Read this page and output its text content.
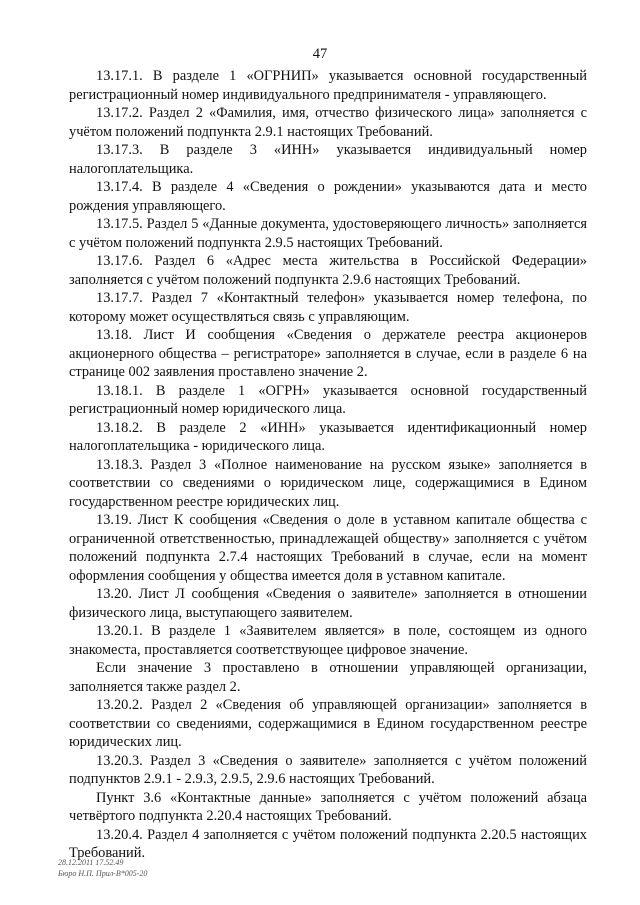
47

13.17.1. В разделе 1 «ОГРНИП» указывается основной государственный регистрационный номер индивидуального предпринимателя - управляющего.

13.17.2. Раздел 2 «Фамилия, имя, отчество физического лица» заполняется с учётом положений подпункта 2.9.1 настоящих Требований.

13.17.3. В разделе 3 «ИНН» указывается индивидуальный номер налогоплательщика.

13.17.4. В разделе 4 «Сведения о рождении» указываются дата и место рождения управляющего.

13.17.5. Раздел 5 «Данные документа, удостоверяющего личность» заполняется с учётом положений подпункта 2.9.5 настоящих Требований.

13.17.6. Раздел 6 «Адрес места жительства в Российской Федерации» заполняется с учётом положений подпункта 2.9.6 настоящих Требований.

13.17.7. Раздел 7 «Контактный телефон» указывается номер телефона, по которому может осуществляться связь с управляющим.

13.18. Лист И сообщения «Сведения о держателе реестра акционеров акционерного общества – регистраторе» заполняется в случае, если в разделе 6 на странице 002 заявления проставлено значение 2.

13.18.1. В разделе 1 «ОГРН» указывается основной государственный регистрационный номер юридического лица.

13.18.2. В разделе 2 «ИНН» указывается идентификационный номер налогоплательщика - юридического лица.

13.18.3. Раздел 3 «Полное наименование на русском языке» заполняется в соответствии со сведениями о юридическом лице, содержащимися в Едином государственном реестре юридических лиц.

13.19. Лист К сообщения «Сведения о доле в уставном капитале общества с ограниченной ответственностью, принадлежащей обществу» заполняется с учётом положений подпункта 2.7.4 настоящих Требований в случае, если на момент оформления сообщения у общества имеется доля в уставном капитале.

13.20. Лист Л сообщения «Сведения о заявителе» заполняется в отношении физического лица, выступающего заявителем.

13.20.1. В разделе 1 «Заявителем является» в поле, состоящем из одного знакоместа, проставляется соответствующее цифровое значение.

Если значение 3 проставлено в отношении управляющей организации, заполняется также раздел 2.

13.20.2. Раздел 2 «Сведения об управляющей организации» заполняется в соответствии со сведениями, содержащимися в Едином государственном реестре юридических лиц.

13.20.3. Раздел 3 «Сведения о заявителе» заполняется с учётом положений подпунктов 2.9.1 - 2.9.3, 2.9.5, 2.9.6 настоящих Требований.

Пункт 3.6 «Контактные данные» заполняется с учётом положений абзаца четвёртого подпункта 2.20.4 настоящих Требований.

13.20.4. Раздел 4 заполняется с учётом положений подпункта 2.20.5 настоящих Требований.

28.12.2011 17.52.49
Бюро Н.П. Прил-В*005-20
